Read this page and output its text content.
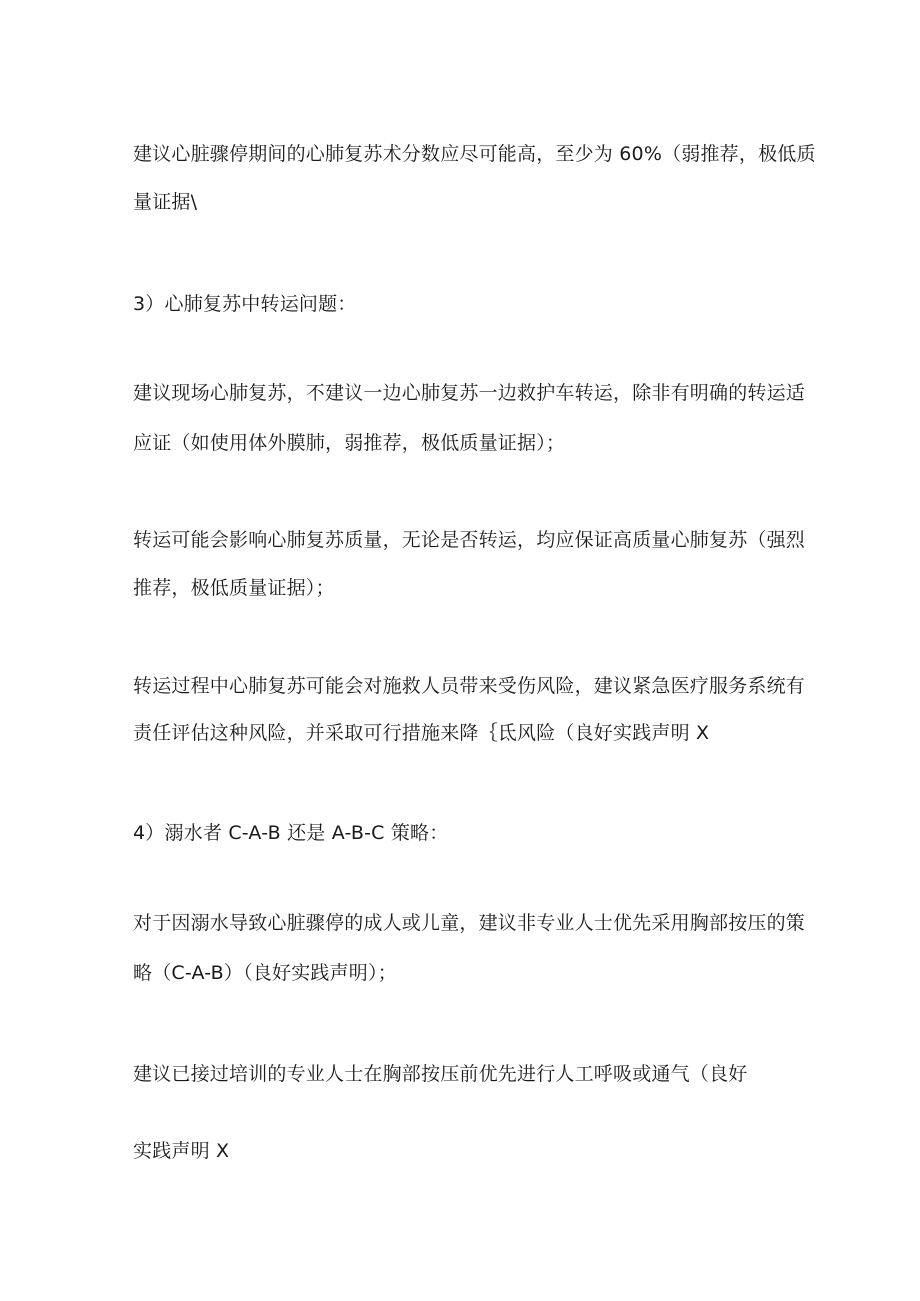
建议心脏骤停期间的心肺复苏术分数应尽可能高，至少为 60%（弱推荐，极低质
量证据\
3）心肺复苏中转运问题：
建议现场心肺复苏，不建议一边心肺复苏一边救护车转运，除非有明确的转运适
应证（如使用体外膜肺，弱推荐，极低质量证据）；
转运可能会影响心肺复苏质量，无论是否转运，均应保证高质量心肺复苏（强烈
推荐，极低质量证据）；
转运过程中心肺复苏可能会对施救人员带来受伤风险，建议紧急医疗服务系统有
责任评估这种风险，并采取可行措施来降｛氐风险（良好实践声明 X
4）溺水者 C-A-B 还是 A-B-C 策略：
对于因溺水导致心脏骤停的成人或儿童，建议非专业人士优先采用胸部按压的策
略（C-A-B）（良好实践声明）；
建议已接过培训的专业人士在胸部按压前优先进行人工呼吸或通气（良好
实践声明 X
